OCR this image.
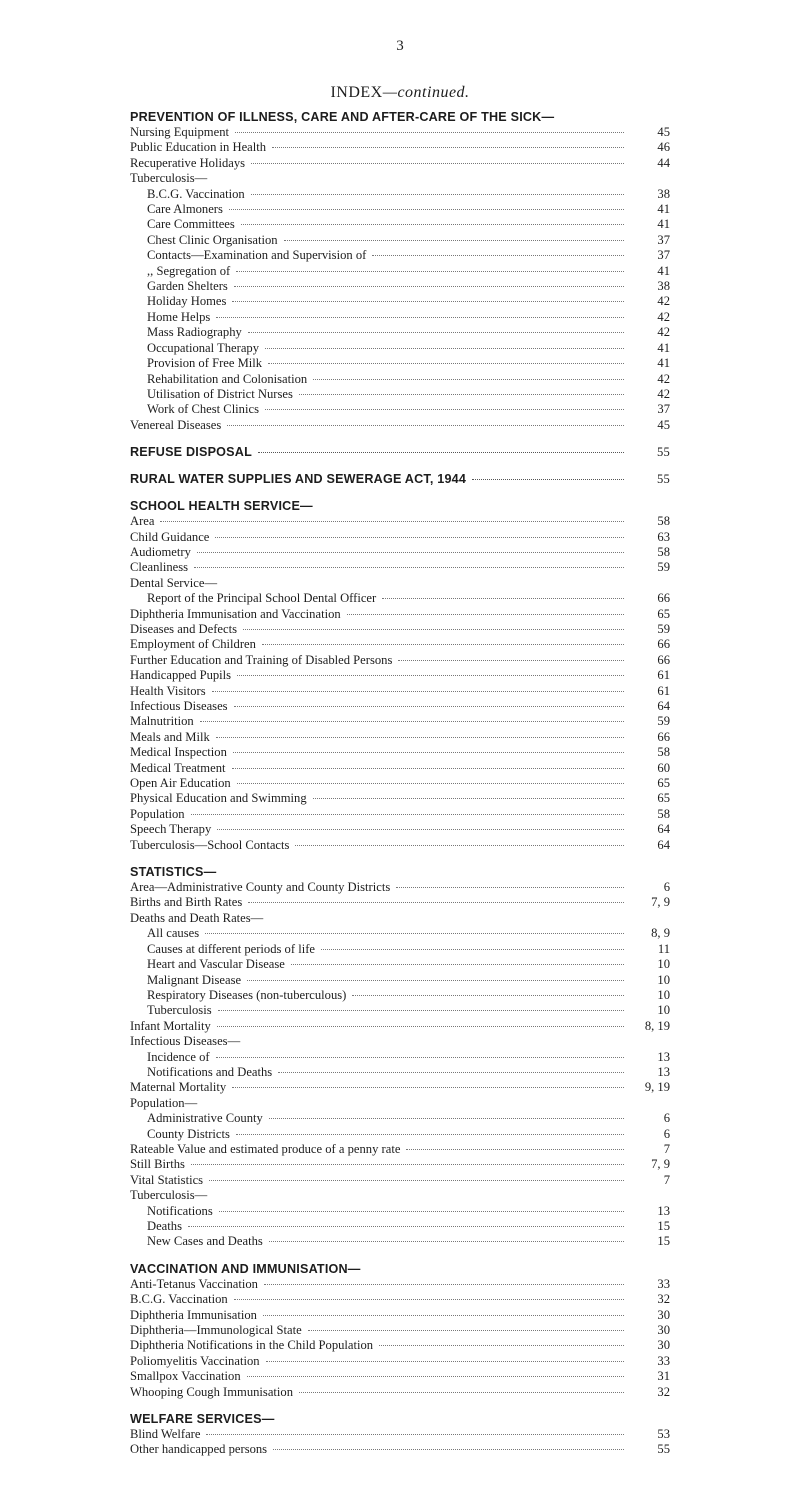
3
INDEX—continued.
PREVENTION OF ILLNESS, CARE AND AFTER-CARE OF THE SICK—
Nursing Equipment	45
Public Education in Health	46
Recuperative Holidays	44
Tuberculosis—
B.C.G. Vaccination	38
Care Almoners	41
Care Committees	41
Chest Clinic Organisation	37
Contacts—Examination and Supervision of	37
,, Segregation of	41
Garden Shelters	38
Holiday Homes	42
Home Helps	42
Mass Radiography	42
Occupational Therapy	41
Provision of Free Milk	41
Rehabilitation and Colonisation	42
Utilisation of District Nurses	42
Work of Chest Clinics	37
Venereal Diseases	45
REFUSE DISPOSAL	55
RURAL WATER SUPPLIES AND SEWERAGE ACT, 1944	55
SCHOOL HEALTH SERVICE—
Area	58
Child Guidance	63
Audiometry	58
Cleanliness	59
Dental Service—
Report of the Principal School Dental Officer	66
Diphtheria Immunisation and Vaccination	65
Diseases and Defects	59
Employment of Children	66
Further Education and Training of Disabled Persons	66
Handicapped Pupils	61
Health Visitors	61
Infectious Diseases	64
Malnutrition	59
Meals and Milk	66
Medical Inspection	58
Medical Treatment	60
Open Air Education	65
Physical Education and Swimming	65
Population	58
Speech Therapy	64
Tuberculosis—School Contacts	64
STATISTICS—
Area—Administrative County and County Districts	6
Births and Birth Rates	7, 9
Deaths and Death Rates—
All causes	8, 9
Causes at different periods of life	11
Heart and Vascular Disease	10
Malignant Disease	10
Respiratory Diseases (non-tuberculous)	10
Tuberculosis	10
Infant Mortality	8, 19
Infectious Diseases—
Incidence of	13
Notifications and Deaths	13
Maternal Mortality	9, 19
Population—
Administrative County	6
County Districts	6
Rateable Value and estimated produce of a penny rate	7
Still Births	7, 9
Vital Statistics	7
Tuberculosis—
Notifications	13
Deaths	15
New Cases and Deaths	15
VACCINATION AND IMMUNISATION—
Anti-Tetanus Vaccination	33
B.C.G. Vaccination	32
Diphtheria Immunisation	30
Diphtheria—Immunological State	30
Diphtheria Notifications in the Child Population	30
Poliomyelitis Vaccination	33
Smallpox Vaccination	31
Whooping Cough Immunisation	32
WELFARE SERVICES—
Blind Welfare	53
Other handicapped persons	55
